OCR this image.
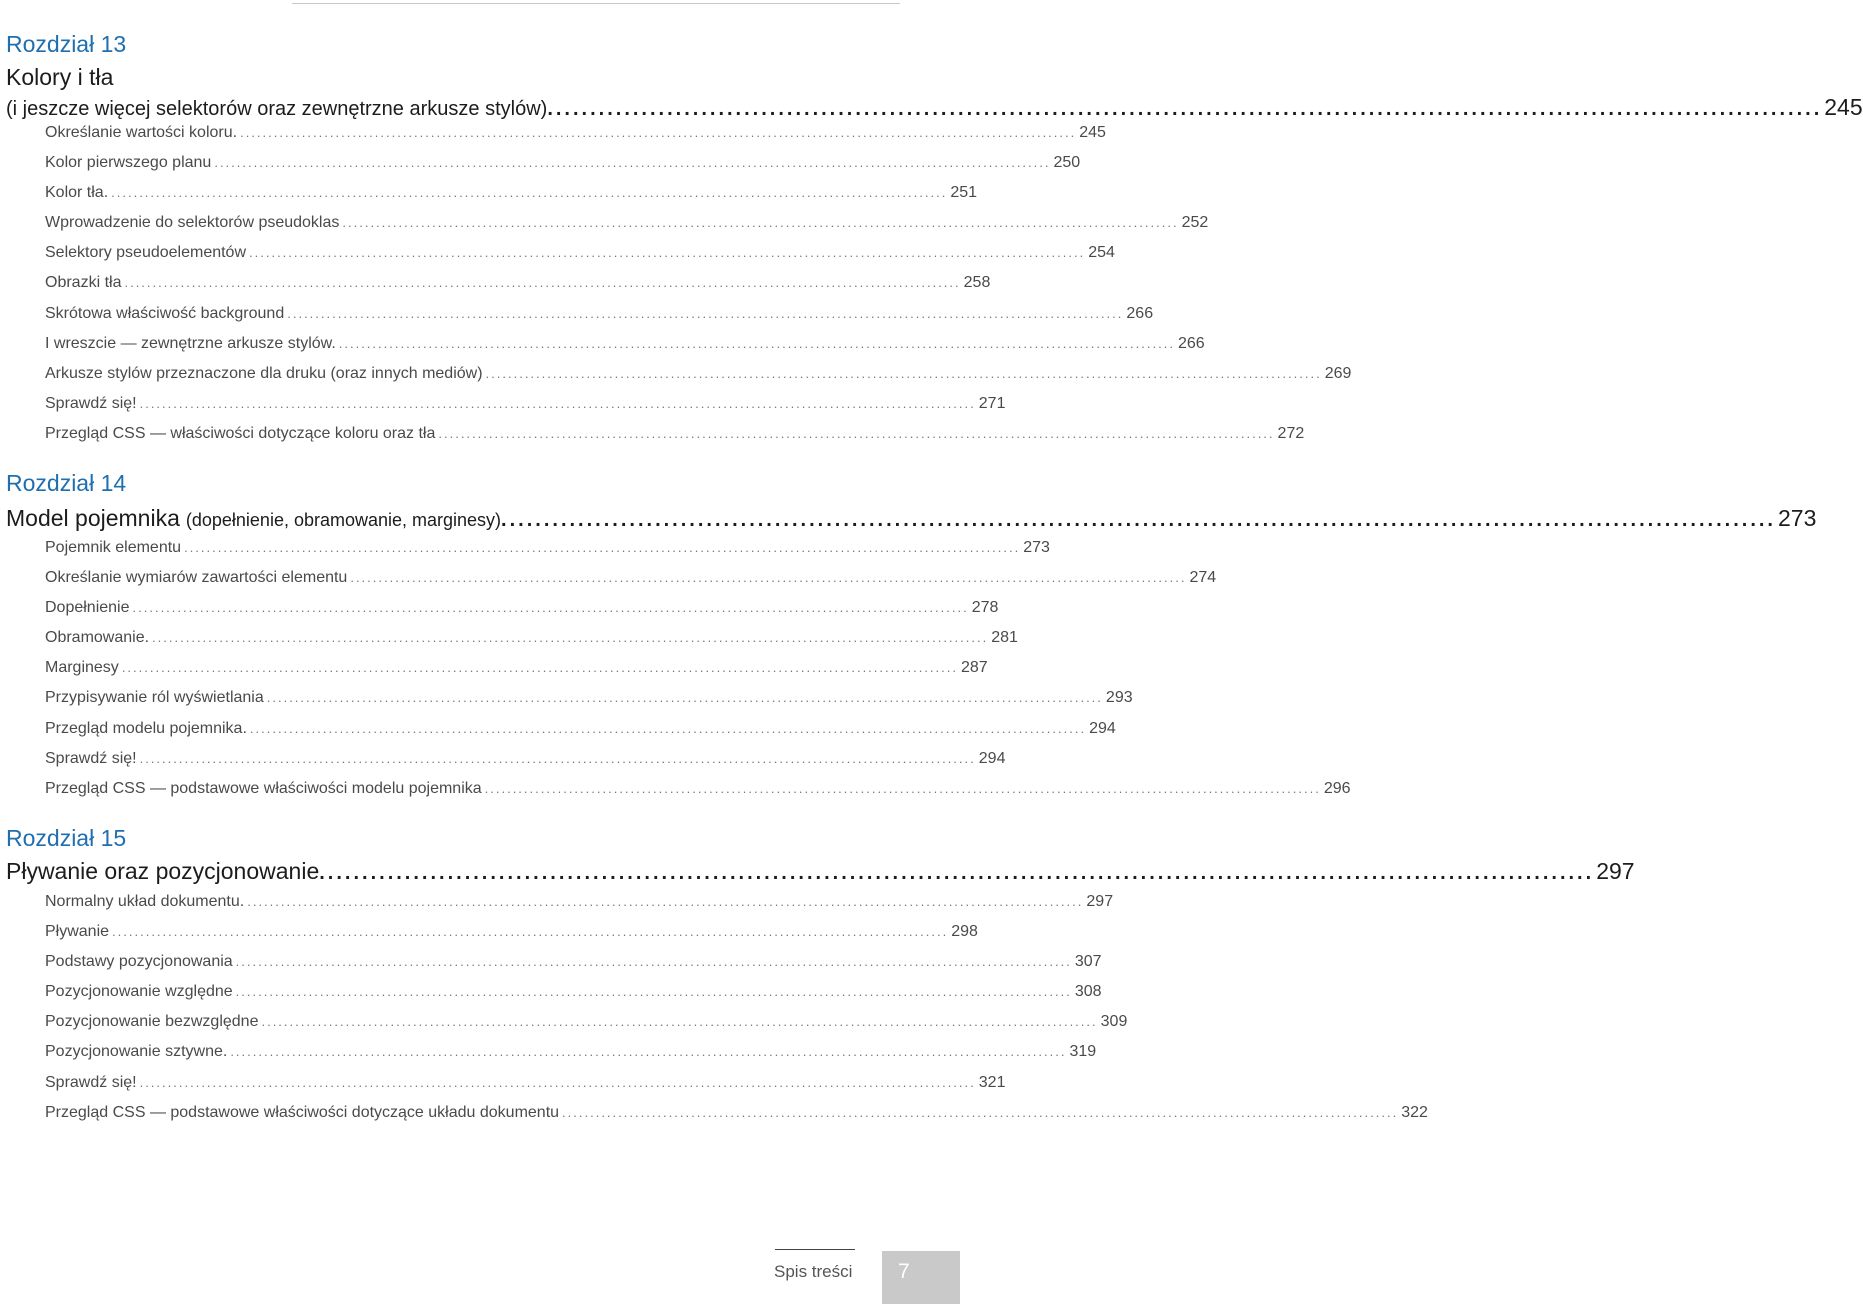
Rozdział 13
Kolory i tła
(i jeszcze więcej selektorów oraz zewnętrzne arkusze stylów) ..................................................................................................................................................... 245
Określanie wartości koloru. ..................................................................................................................................................... 245
Kolor pierwszego planu ..................................................................................................................................................... 250
Kolor tła. ..................................................................................................................................................... 251
Wprowadzenie do selektorów pseudoklas ..................................................................................................................................................... 252
Selektory pseudoelementów ..................................................................................................................................................... 254
Obrazki tła ..................................................................................................................................................... 258
Skrótowa właściwość background ..................................................................................................................................................... 266
I wreszcie — zewnętrzne arkusze stylów. ..................................................................................................................................................... 266
Arkusze stylów przeznaczone dla druku (oraz innych mediów) ..................................................................................................................................................... 269
Sprawdź się! ..................................................................................................................................................... 271
Przegląd CSS — właściwości dotyczące koloru oraz tła ..................................................................................................................................................... 272
Rozdział 14
Model pojemnika (dopełnienie, obramowanie, marginesy) ..................................................................................................................................................... 273
Pojemnik elementu ..................................................................................................................................................... 273
Określanie wymiarów zawartości elementu ..................................................................................................................................................... 274
Dopełnienie ..................................................................................................................................................... 278
Obramowanie. ..................................................................................................................................................... 281
Marginesy ..................................................................................................................................................... 287
Przypisywanie ról wyświetlania ..................................................................................................................................................... 293
Przegląd modelu pojemnika. ..................................................................................................................................................... 294
Sprawdź się! ..................................................................................................................................................... 294
Przegląd CSS — podstawowe właściwości modelu pojemnika ..................................................................................................................................................... 296
Rozdział 15
Pływanie oraz pozycjonowanie ..................................................................................................................................................... 297
Normalny układ dokumentu. ..................................................................................................................................................... 297
Pływanie ..................................................................................................................................................... 298
Podstawy pozycjonowania ..................................................................................................................................................... 307
Pozycjonowanie względne ..................................................................................................................................................... 308
Pozycjonowanie bezwzględne ..................................................................................................................................................... 309
Pozycjonowanie sztywne. ..................................................................................................................................................... 319
Sprawdź się! ..................................................................................................................................................... 321
Przegląd CSS — podstawowe właściwości dotyczące układu dokumentu ..................................................................................................................................................... 322
Spis treści	7
